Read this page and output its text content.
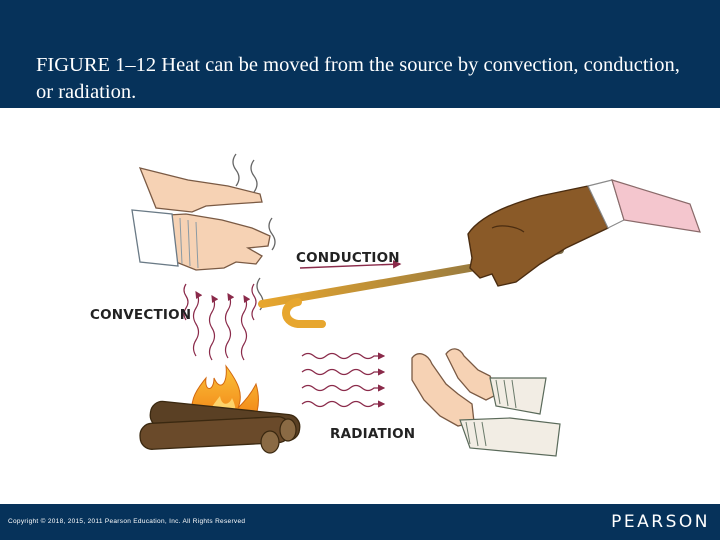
FIGURE 1–12 Heat can be moved from the source by convection, conduction, or radiation.
CONDUCTION
CONVECTION
RADIATION
Copyright © 2018, 2015, 2011 Pearson Education, Inc. All Rights Reserved	PEARSON
